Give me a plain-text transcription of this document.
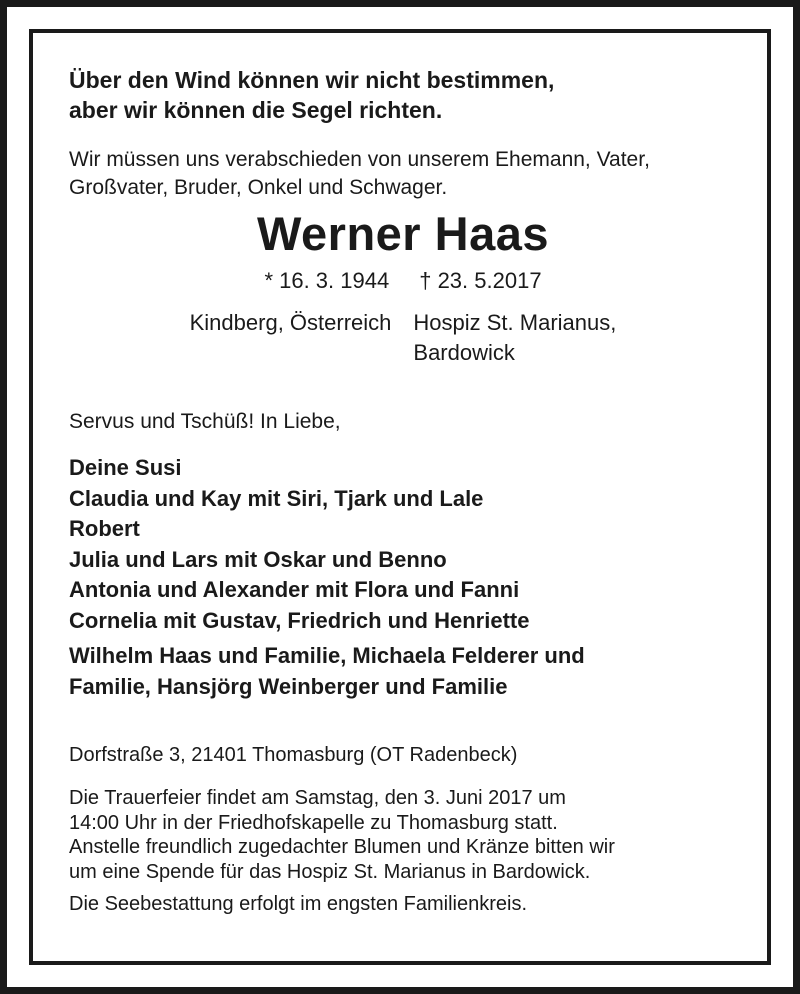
Über den Wind können wir nicht bestimmen,
aber wir können die Segel richten.
Wir müssen uns verabschieden von unserem Ehemann, Vater,
Großvater, Bruder, Onkel und Schwager.
Werner Haas
* 16. 3. 1944 † 23. 5.2017
Kindberg, Österreich Hospiz St. Marianus,
Bardowick
Servus und Tschüß! In Liebe,
Deine Susi
Claudia und Kay mit Siri, Tjark und Lale
Robert
Julia und Lars mit Oskar und Benno
Antonia und Alexander mit Flora und Fanni
Cornelia mit Gustav, Friedrich und Henriette
Wilhelm Haas und Familie, Michaela Felderer und
Familie, Hansjörg Weinberger und Familie
Dorfstraße 3, 21401 Thomasburg (OT Radenbeck)
Die Trauerfeier findet am Samstag, den 3. Juni 2017 um
14:00 Uhr in der Friedhofskapelle zu Thomasburg statt.
Anstelle freundlich zugedachter Blumen und Kränze bitten wir
um eine Spende für das Hospiz St. Marianus in Bardowick.
Die Seebestattung erfolgt im engsten Familienkreis.
